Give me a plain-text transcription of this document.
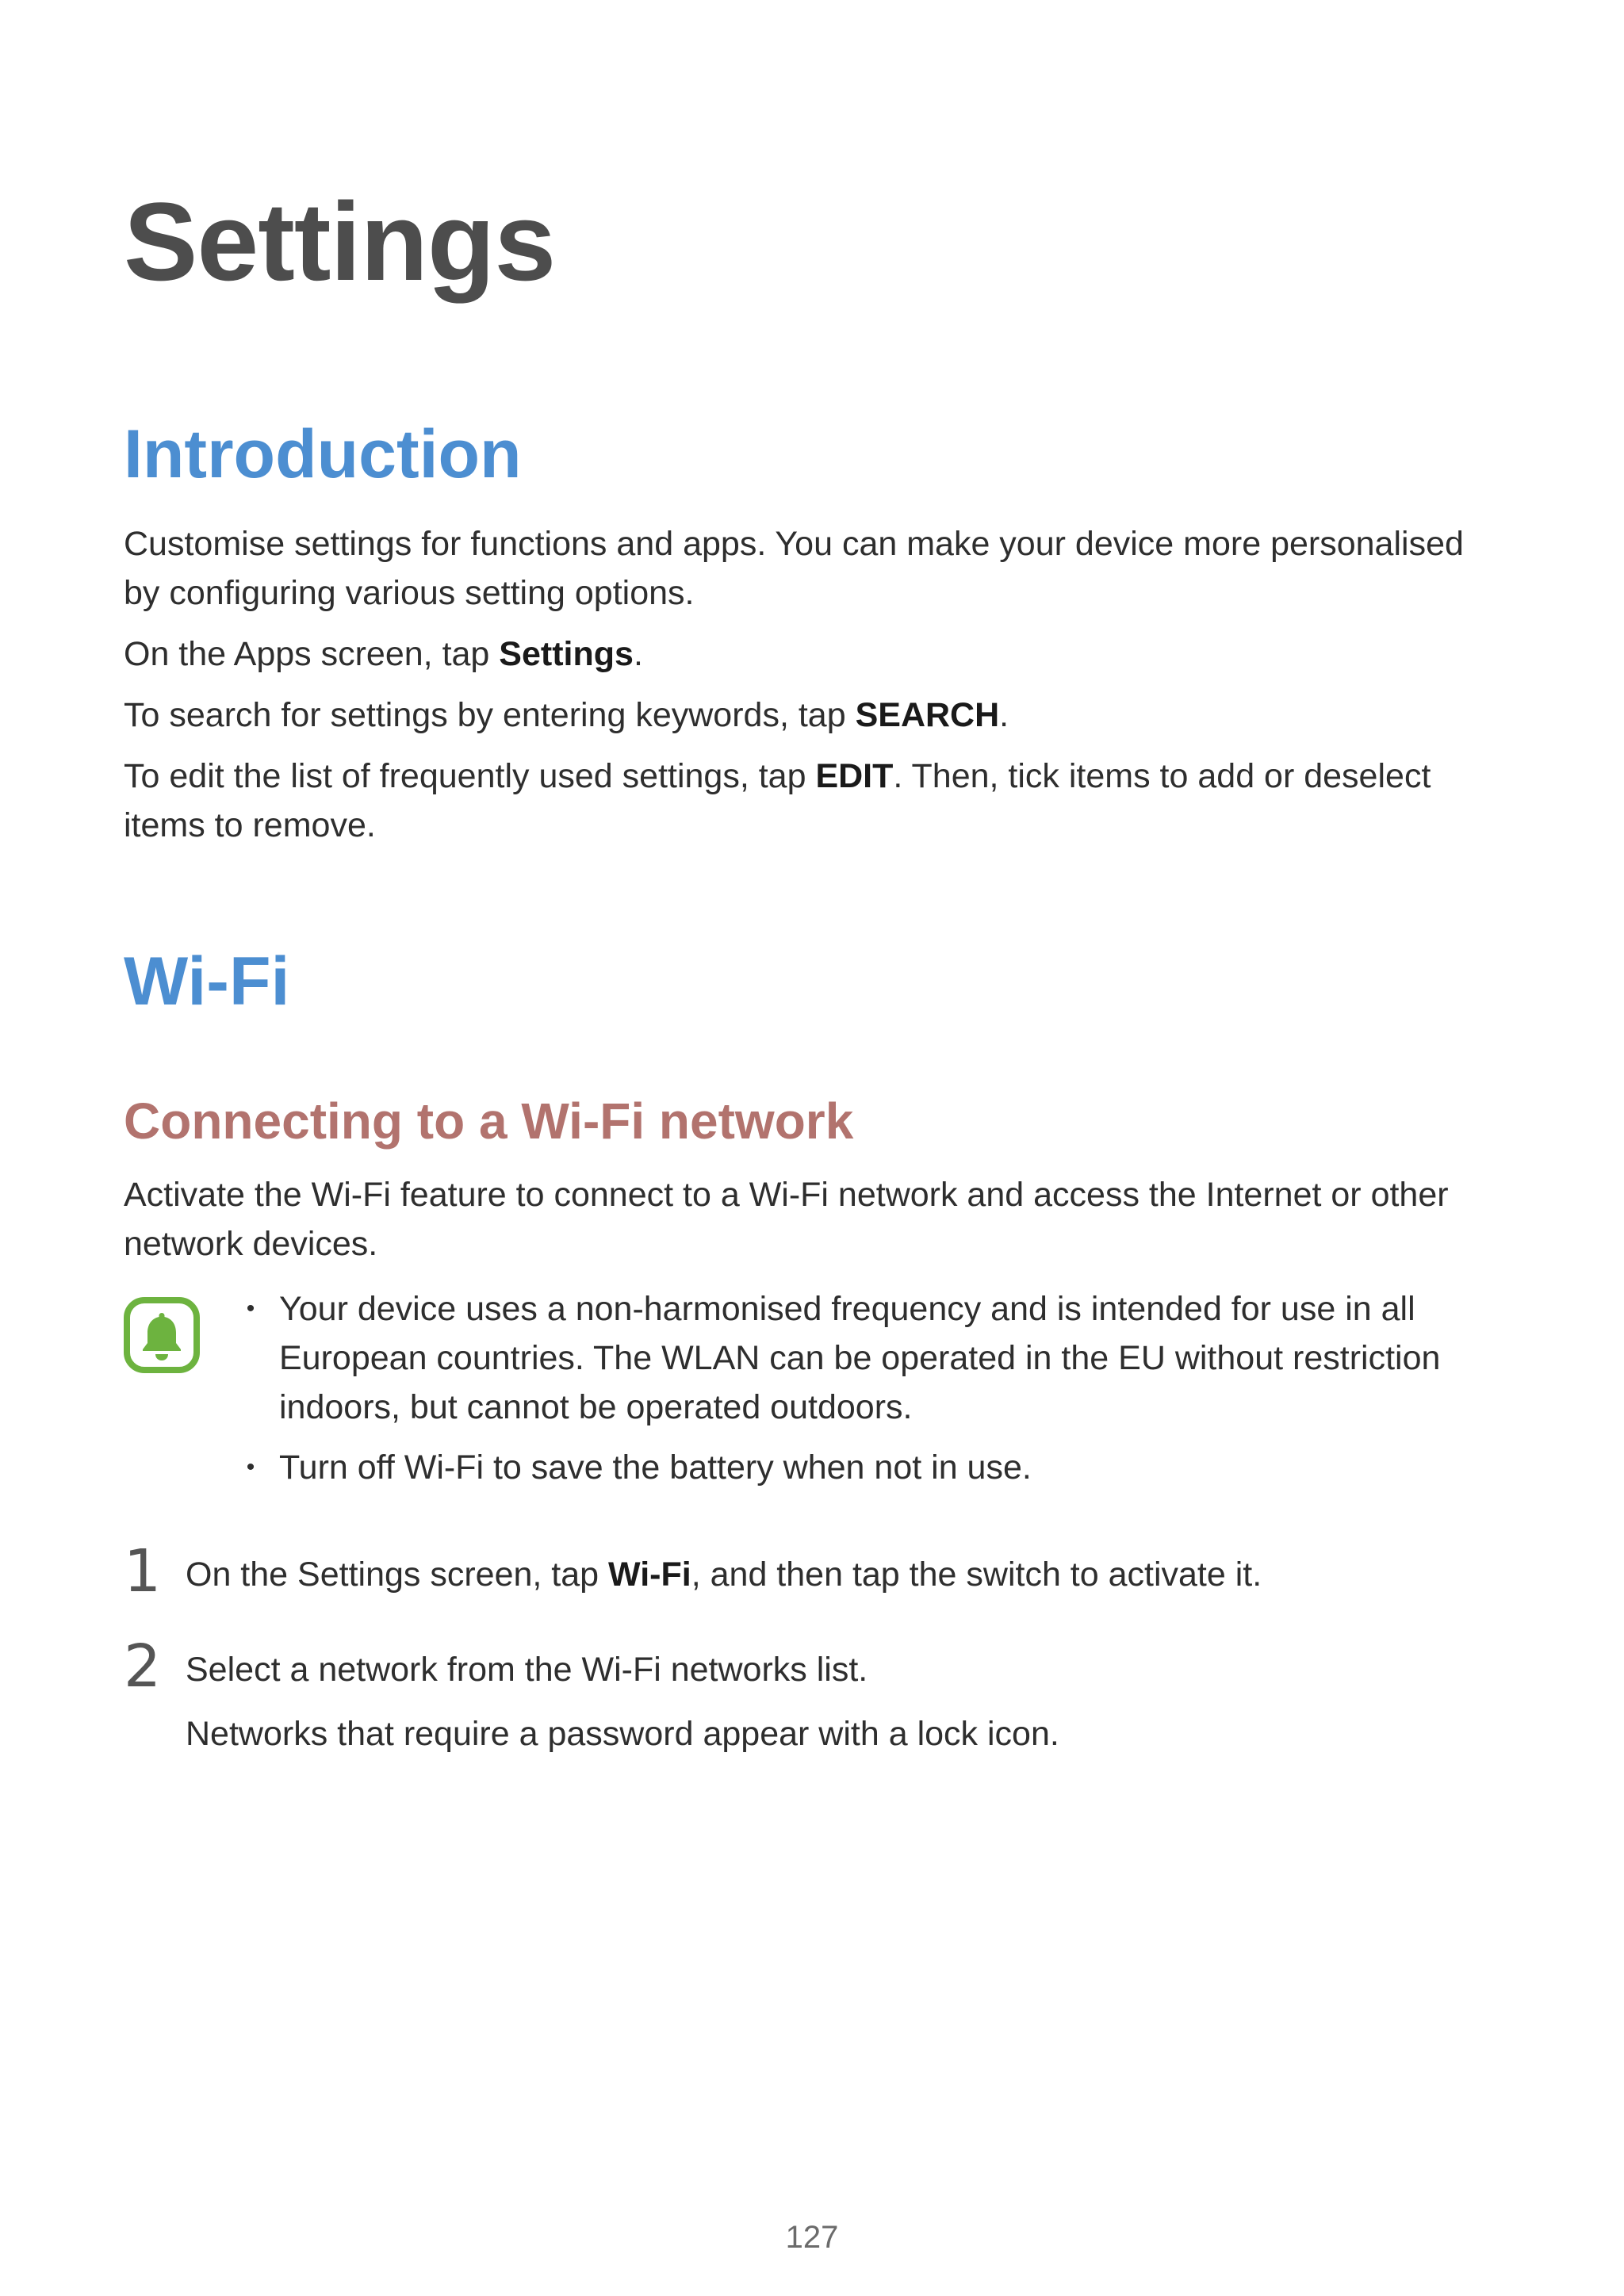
Settings
Introduction

Customise settings for functions and apps. You can make your device more personalised by configuring various setting options.

On the Apps screen, tap Settings.

To search for settings by entering keywords, tap SEARCH.

To edit the list of frequently used settings, tap EDIT. Then, tick items to add or deselect items to remove.

Wi-Fi
Connecting to a Wi-Fi network

Activate the Wi-Fi feature to connect to a Wi-Fi network and access the Internet or other network devices.

• Your device uses a non-harmonised frequency and is intended for use in all European countries. The WLAN can be operated in the EU without restriction indoors, but cannot be operated outdoors.
• Turn off Wi-Fi to save the battery when not in use.
1 On the Settings screen, tap Wi-Fi, and then tap the switch to activate it.
2 Select a network from the Wi-Fi networks list.
Networks that require a password appear with a lock icon.
127
